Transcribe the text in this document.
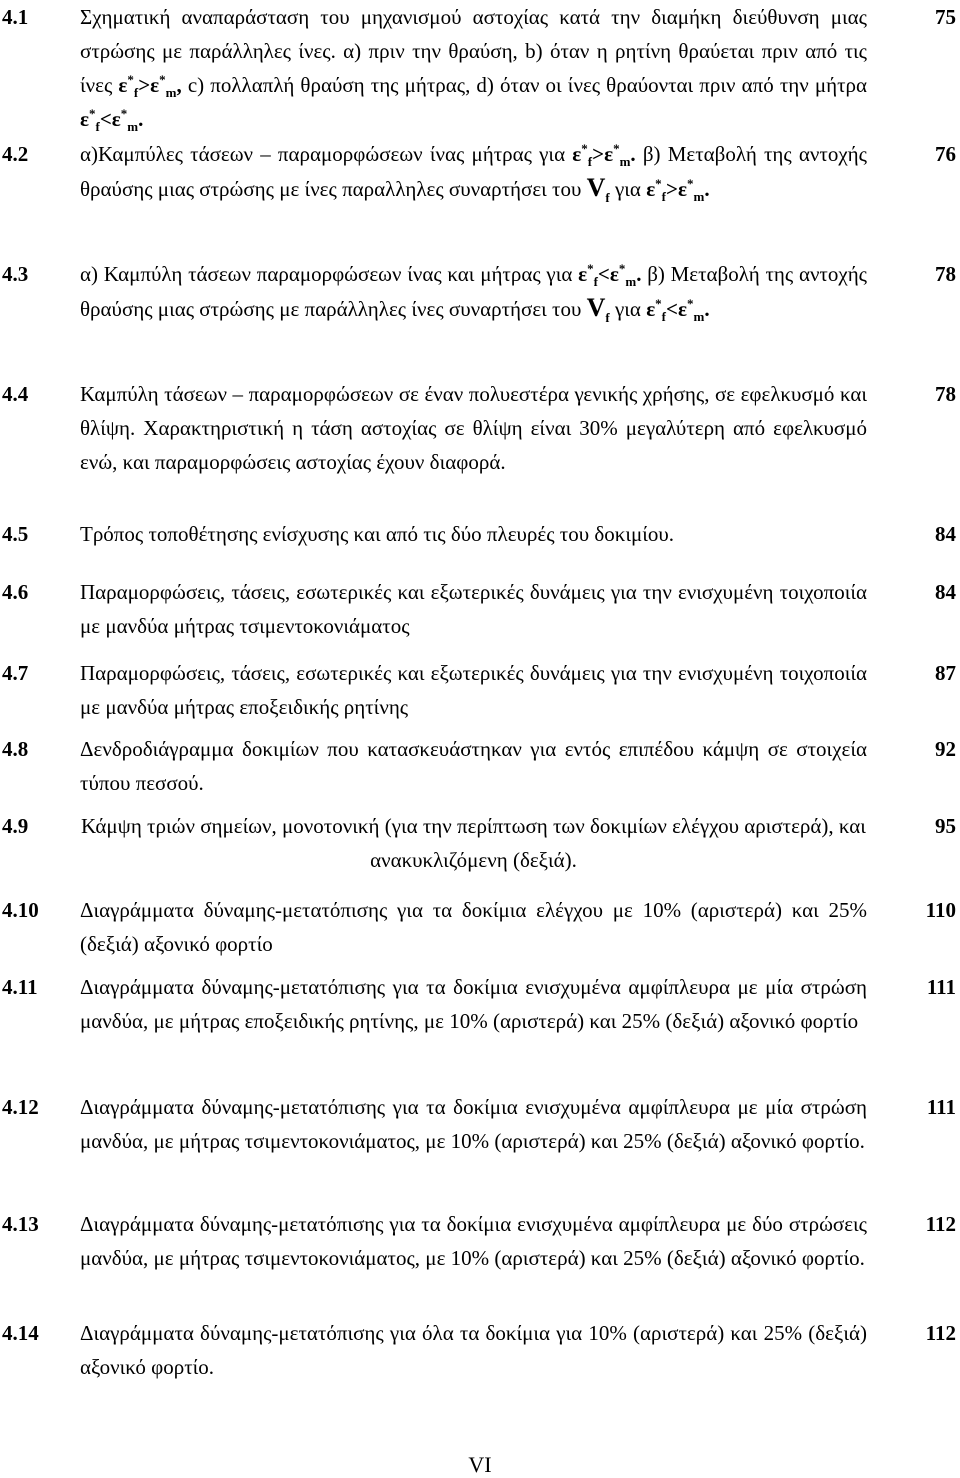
4.1 Σχηματική αναπαράσταση του μηχανισμού αστοχίας κατά την διαμήκη διεύθυνση μιας στρώσης με παράλληλες ίνες. α) πριν την θραύση, b) όταν η ρητίνη θραύεται πριν από τις ίνες $\varepsilon^*_f>\varepsilon^*_m$, c) πολλαπλή θραύση της μήτρας, d) όταν οι ίνες θραύονται πριν από την μήτρα $\varepsilon^*_f<\varepsilon^*_m$.
75
4.2 α)Καμπύλες τάσεων – παραμορφώσεων ίνας μήτρας για $\varepsilon^*_f>\varepsilon^*_m$. β) Μεταβολή της αντοχής θραύσης μιας στρώσης με ίνες παραλληλες συναρτήσει του $V_f$ για $\varepsilon^*_f>\varepsilon^*_m$.
76
4.3 α) Καμπύλη τάσεων παραμορφώσεων ίνας και μήτρας για $\varepsilon^*_f<\varepsilon^*_m$. β) Μεταβολή της αντοχής θραύσης μιας στρώσης με παράλληλες ίνες συναρτήσει του $V_f$ για $\varepsilon^*_f<\varepsilon^*_m$.
78
4.4 Καμπύλη τάσεων – παραμορφώσεων σε έναν πολυεστέρα γενικής χρήσης, σε εφελκυσμό και θλίψη. Χαρακτηριστική η τάση αστοχίας σε θλίψη είναι 30% μεγαλύτερη από εφελκυσμό ενώ, και παραμορφώσεις αστοχίας έχουν διαφορά.
78
4.5 Τρόπος τοποθέτησης ενίσχυσης και από τις δύο πλευρές του δοκιμίου.	84
4.6 Παραμορφώσεις, τάσεις, εσωτερικές και εξωτερικές δυνάμεις για την ενισχυμένη τοιχοποιία με μανδύα μήτρας τσιμεντοκονιάματος
84
4.7 Παραμορφώσεις, τάσεις, εσωτερικές και εξωτερικές δυνάμεις για την ενισχυμένη τοιχοποιία με μανδύα μήτρας εποξειδικής ρητίνης
87
4.8 Δενδροδιάγραμμα δοκιμίων που κατασκευάστηκαν για εντός επιπέδου κάμψη σε στοιχεία τύπου πεσσού.
92
4.9	Κάμψη τριών σημείων, μονοτονική (για την περίπτωση των δοκιμίων ελέγχου αριστερά), και ανακυκλιζόμενη (δεξιά).
95
4.10 Διαγράμματα δύναμης-μετατόπισης για τα δοκίμια ελέγχου με 10% (αριστερά) και 25% (δεξιά) αξονικό φορτίο
110
4.11 Διαγράμματα δύναμης-μετατόπισης για τα δοκίμια ενισχυμένα αμφίπλευρα με μία στρώση μανδύα, με μήτρας εποξειδικής ρητίνης, με 10% (αριστερά) και 25% (δεξιά) αξονικό φορτίο
111
4.12 Διαγράμματα δύναμης-μετατόπισης για τα δοκίμια ενισχυμένα αμφίπλευρα με μία στρώση μανδύα, με μήτρας τσιμεντοκονιάματος, με 10% (αριστερά) και 25% (δεξιά) αξονικό φορτίο.
111
4.13 Διαγράμματα δύναμης-μετατόπισης για τα δοκίμια ενισχυμένα αμφίπλευρα με δύο στρώσεις μανδύα, με μήτρας τσιμεντοκονιάματος, με 10% (αριστερά) και 25% (δεξιά) αξονικό φορτίο.
112
4.14 Διαγράμματα δύναμης-μετατόπισης για όλα τα δοκίμια για 10% (αριστερά) και 25% (δεξιά) αξονικό φορτίο.
112
VI
